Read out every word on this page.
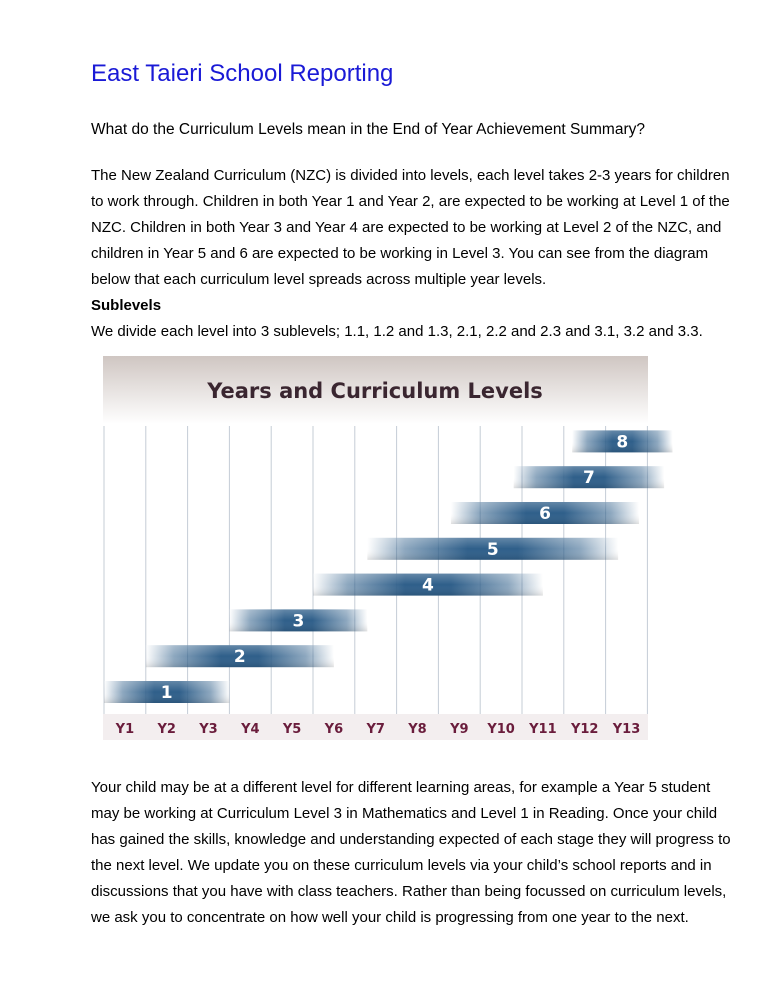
East Taieri School Reporting
What do the Curriculum Levels mean in the End of Year Achievement Summary?

The New Zealand Curriculum (NZC) is divided into levels, each level takes 2-3 years for children to work through. Children in both Year 1 and Year 2, are expected to be working at Level 1 of the NZC. Children in both Year 3 and Year 4 are expected to be working at Level 2 of the NZC, and children in Year 5 and 6 are expected to be working in Level 3. You can see from the diagram below that each curriculum level spreads across multiple year levels.

Sublevels

We divide each level into 3 sublevels; 1.1, 1.2 and 1.3, 2.1, 2.2 and 2.3 and 3.1, 3.2 and 3.3.

Years and Curriculum Levels
1
2
3
4
5
6
7
8
Y1 Y2 Y3 Y4 Y5 Y6 Y7 Y8 Y9 Y10 Y11 Y12 Y13

Your child may be at a different level for different learning areas, for example a Year 5 student may be working at Curriculum Level 3 in Mathematics and Level 1 in Reading. Once your child has gained the skills, knowledge and understanding expected of each stage they will progress to the next level. We update you on these curriculum levels via your child’s school reports and in discussions that you have with class teachers. Rather than being focussed on curriculum levels, we ask you to concentrate on how well your child is progressing from one year to the next.
